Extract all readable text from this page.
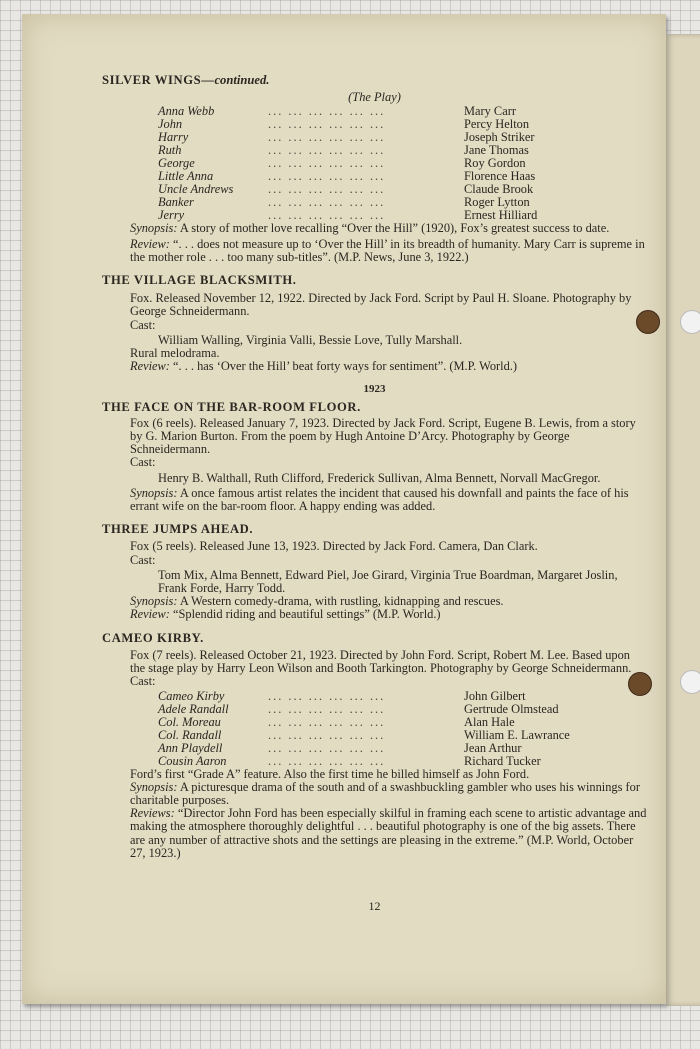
SILVER WINGS—continued.

(The Play)

Anna Webb	... ... ... ... ... ...	Mary Carr
John	... ... ... ... ... ...	Percy Helton
Harry	... ... ... ... ... ...	Joseph Striker
Ruth	... ... ... ... ... ...	Jane Thomas
George	... ... ... ... ... ...	Roy Gordon
Little Anna	... ... ... ... ... ...	Florence Haas
Uncle Andrews	... ... ... ... ... ...	Claude Brook
Banker	... ... ... ... ... ...	Roger Lytton
Jerry	... ... ... ... ... ...	Ernest Hilliard

Synopsis: A story of mother love recalling “Over the Hill” (1920), Fox’s greatest success to date.

Review: “. . . does not measure up to ‘Over the Hill’ in its breadth of humanity. Mary Carr is supreme in the mother role . . . too many sub-titles”. (M.P. News, June 3, 1922.)

THE VILLAGE BLACKSMITH.

Fox. Released November 12, 1922. Directed by Jack Ford. Script by Paul H. Sloane. Photography by George Schneidermann.

Cast:

William Walling, Virginia Valli, Bessie Love, Tully Marshall.

Rural melodrama.

Review: “. . . has ‘Over the Hill’ beat forty ways for sentiment”. (M.P. World.)

1923

THE FACE ON THE BAR-ROOM FLOOR.

Fox (6 reels). Released January 7, 1923. Directed by Jack Ford. Script, Eugene B. Lewis, from a story by G. Marion Burton. From the poem by Hugh Antoine D’Arcy. Photography by George Schneidermann.

Cast:

Henry B. Walthall, Ruth Clifford, Frederick Sullivan, Alma Bennett, Norvall MacGregor.

Synopsis: A once famous artist relates the incident that caused his downfall and paints the face of his errant wife on the bar-room floor. A happy ending was added.

THREE JUMPS AHEAD.

Fox (5 reels). Released June 13, 1923. Directed by Jack Ford. Camera, Dan Clark.

Cast:

Tom Mix, Alma Bennett, Edward Piel, Joe Girard, Virginia True Boardman, Margaret Joslin, Frank Forde, Harry Todd.

Synopsis: A Western comedy-drama, with rustling, kidnapping and rescues.

Review: “Splendid riding and beautiful settings” (M.P. World.)

CAMEO KIRBY.

Fox (7 reels). Released October 21, 1923. Directed by John Ford. Script, Robert M. Lee. Based upon the stage play by Harry Leon Wilson and Booth Tarkington. Photography by George Schneidermann.

Cast:

Cameo Kirby	... ... ... ... ... ...	John Gilbert
Adele Randall	... ... ... ... ... ...	Gertrude Olmstead
Col. Moreau	... ... ... ... ... ...	Alan Hale
Col. Randall	... ... ... ... ... ...	William E. Lawrance
Ann Playdell	... ... ... ... ... ...	Jean Arthur
Cousin Aaron	... ... ... ... ... ...	Richard Tucker

Ford’s first “Grade A” feature. Also the first time he billed himself as John Ford.

Synopsis: A picturesque drama of the south and of a swashbuckling gambler who uses his winnings for charitable purposes.

Reviews: “Director John Ford has been especially skilful in framing each scene to artistic advantage and making the atmosphere thoroughly delightful . . . beautiful photography is one of the big assets. There are any number of attractive shots and the settings are pleasing in the extreme.” (M.P. World, October 27, 1923.)

12
